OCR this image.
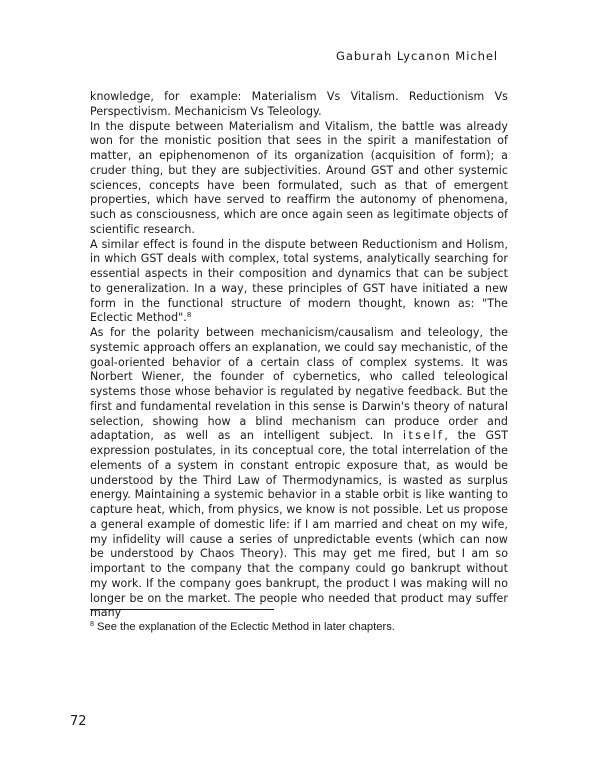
Gaburah Lycanon Michel

knowledge, for example: Materialism Vs Vitalism. Reductionism Vs Perspectivism. Mechanicism Vs Teleology.

In the dispute between Materialism and Vitalism, the battle was already won for the monistic position that sees in the spirit a manifestation of matter, an epiphenomenon of its organization (acquisition of form); a cruder thing, but they are subjectivities. Around GST and other systemic sciences, concepts have been formulated, such as that of emergent properties, which have served to reaffirm the autonomy of phenomena, such as consciousness, which are once again seen as legitimate objects of scientific research.

A similar effect is found in the dispute between Reductionism and Holism, in which GST deals with complex, total systems, analytically searching for essential aspects in their composition and dynamics that can be subject to generalization. In a way, these principles of GST have initiated a new form in the functional structure of modern thought, known as: "The Eclectic Method".$^8$

As for the polarity between mechanicism/causalism and teleology, the systemic approach offers an explanation, we could say mechanistic, of the goal-oriented behavior of a certain class of complex systems. It was Norbert Wiener, the founder of cybernetics, who called teleological systems those whose behavior is regulated by negative feedback. But the first and fundamental revelation in this sense is Darwin's theory of natural selection, showing how a blind mechanism can produce order and adaptation, as well as an intelligent subject. In itself, the GST expression postulates, in its conceptual core, the total interrelation of the elements of a system in constant entropic exposure that, as would be understood by the Third Law of Thermodynamics, is wasted as surplus energy. Maintaining a systemic behavior in a stable orbit is like wanting to capture heat, which, from physics, we know is not possible. Let us propose a general example of domestic life: if I am married and cheat on my wife, my infidelity will cause a series of unpredictable events (which can now be understood by Chaos Theory). This may get me fired, but I am so important to the company that the company could go bankrupt without my work. If the company goes bankrupt, the product I was making will no longer be on the market. The people who needed that product may suffer many

$^8$ See the explanation of the Eclectic Method in later chapters.
72
